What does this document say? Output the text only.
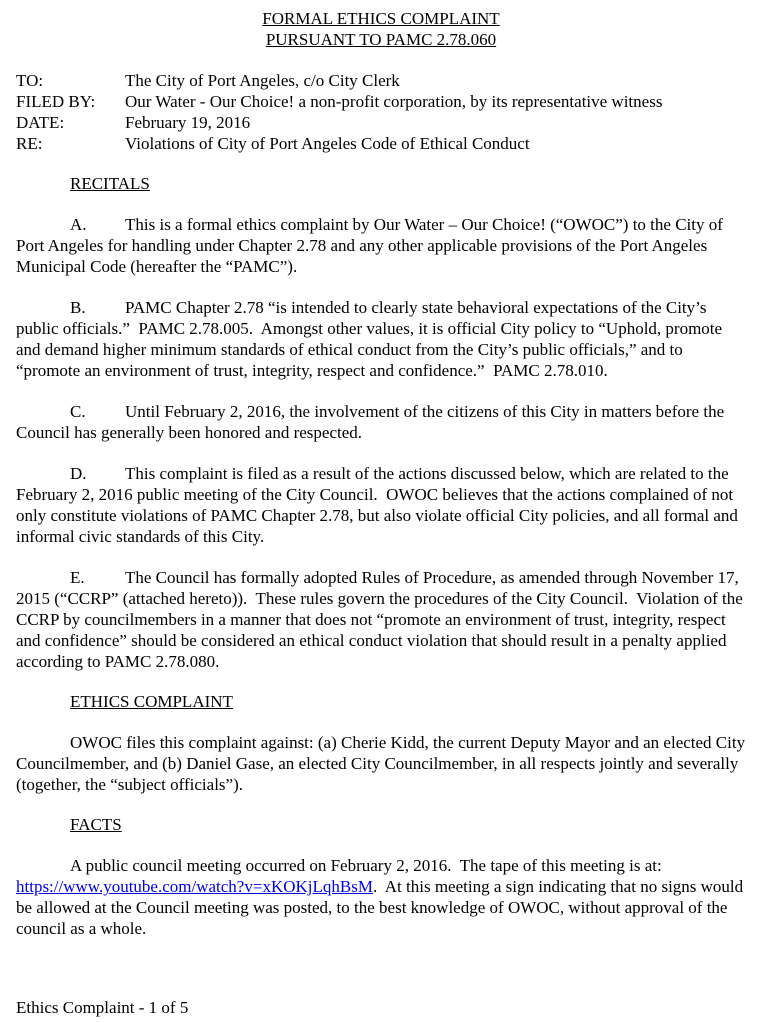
FORMAL ETHICS COMPLAINT
PURSUANT TO PAMC 2.78.060
TO:	The City of Port Angeles, c/o City Clerk
FILED BY:	Our Water - Our Choice! a non-profit corporation, by its representative witness
DATE:	February 19, 2016
RE:	Violations of City of Port Angeles Code of Ethical Conduct
RECITALS

A. This is a formal ethics complaint by Our Water – Our Choice! (“OWOC”) to the City of Port Angeles for handling under Chapter 2.78 and any other applicable provisions of the Port Angeles Municipal Code (hereafter the “PAMC”).

B. PAMC Chapter 2.78 “is intended to clearly state behavioral expectations of the City’s public officials.”  PAMC 2.78.005.  Amongst other values, it is official City policy to “Uphold, promote and demand higher minimum standards of ethical conduct from the City’s public officials,” and to “promote an environment of trust, integrity, respect and confidence.”  PAMC 2.78.010.

C. Until February 2, 2016, the involvement of the citizens of this City in matters before the Council has generally been honored and respected.

D. This complaint is filed as a result of the actions discussed below, which are related to the February 2, 2016 public meeting of the City Council.  OWOC believes that the actions complained of not only constitute violations of PAMC Chapter 2.78, but also violate official City policies, and all formal and informal civic standards of this City.

E. The Council has formally adopted Rules of Procedure, as amended through November 17, 2015 (“CCRP” (attached hereto)).  These rules govern the procedures of the City Council.  Violation of the CCRP by councilmembers in a manner that does not “promote an environment of trust, integrity, respect and confidence” should be considered an ethical conduct violation that should result in a penalty applied according to PAMC 2.78.080.

ETHICS COMPLAINT

OWOC files this complaint against: (a) Cherie Kidd, the current Deputy Mayor and an elected City Councilmember, and (b) Daniel Gase, an elected City Councilmember, in all respects jointly and severally (together, the “subject officials”).

FACTS

A public council meeting occurred on February 2, 2016.  The tape of this meeting is at: https://www.youtube.com/watch?v=xKOKjLqhBsM.  At this meeting a sign indicating that no signs would be allowed at the Council meeting was posted, to the best knowledge of OWOC, without approval of the council as a whole.

Ethics Complaint - 1 of 5
